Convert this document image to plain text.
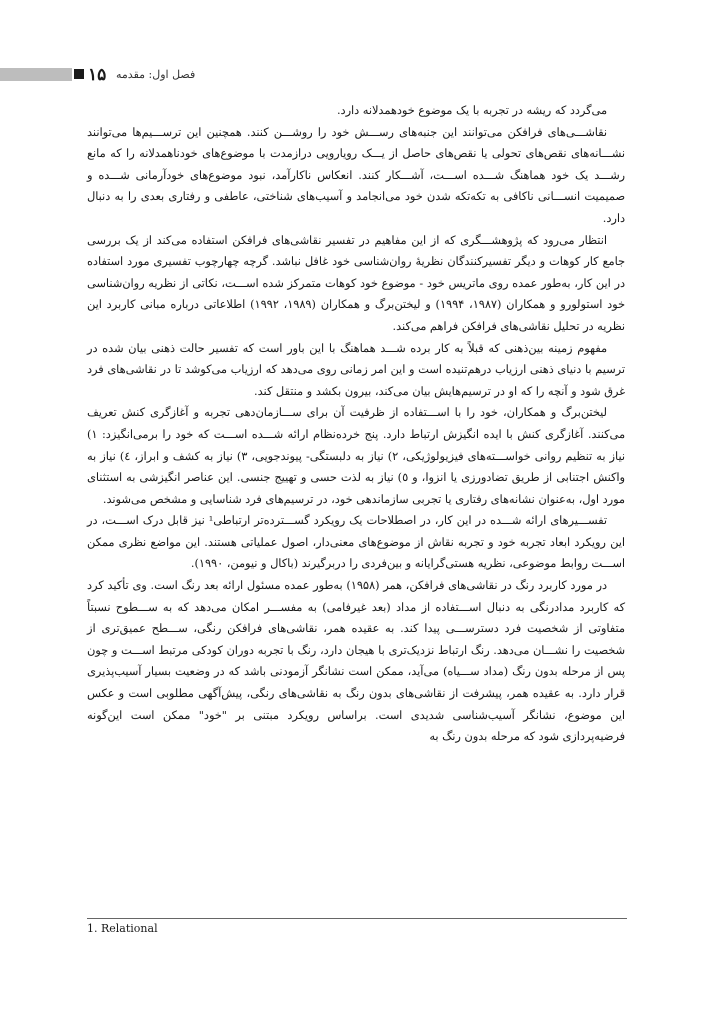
۱۵ فصل اول: مقدمه

می‌گردد که ریشه در تجربه با یک موضوع خودهمدلانه دارد.

نقاشـــی‌های فرافکن می‌توانند این جنبه‌های رســـش خود را روشـــن کنند. همچنین این ترســـیم‌ها می‌توانند نشـــانه‌های نقص‌های تحولی یا نقص‌های حاصل از یـــک رویارویی درازمدت با موضوع‌های خودناهمدلانه را که مانع رشـــد یک خود هماهنگ شـــده اســـت، آشـــکار کنند. انعکاس ناکارآمد، نبود موضوع‌های خودآرمانی شـــده و صمیمیت انســـانی ناکافی به تکه‌تکه شدن خود می‌انجامد و آسیب‌های شناختی، عاطفی و رفتاری بعدی را به دنبال دارد.

انتظار می‌رود که پژوهشـــگری که از این مفاهیم در تفسیر نقاشی‌های فرافکن استفاده می‌کند از یک بررسی جامع کار کوهات و دیگر تفسیرکنندگان نظریهٔ روان‌شناسی خود غافل نباشد. گرچه چهارچوب تفسیری مورد استفاده در این کار، به‌طور عمده روی ماتریس خود - موضوع خود کوهات متمرکز شده اســـت، نکاتی از نظریه روان‌شناسی خود استولورو و همکاران (۱۹۸۷، ۱۹۹۴) و لیختن‌برگ و همکاران (۱۹۸۹، ۱۹۹۲) اطلاعاتی درباره مبانی کاربرد این نظریه در تحلیل نقاشی‌های فرافکن فراهم می‌کند.

مفهوم زمینه بین‌ذهنی که قبلاً به کار برده شـــد هماهنگ با این باور است که تفسیر حالت ذهنی بیان شده در ترسیم با دنیای ذهنی ارزیاب درهم‌تنیده است و این امر زمانی روی می‌دهد که ارزیاب می‌کوشد تا در نقاشی‌های فرد غرق شود و آنچه را که او در ترسیم‌هایش بیان می‌کند، بیرون بکشد و منتقل کند.

لیختن‌برگ و همکاران، خود را با اســـتفاده از ظرفیت آن برای ســـازمان‌دهی تجربه و آغازگری کنش تعریف می‌کنند. آغازگری کنش با ایده انگیزش ارتباط دارد. پنج خرده‌نظام ارائه شـــده اســـت که خود را برمی‌انگیزد: ۱) نیاز به تنظیم روانی خواســـته‌های فیزیولوژیکی، ۲) نیاز به دلبستگی- پیوندجویی، ۳) نیاز به کشف و ابراز، ٤) نیاز به واکنش اجتنابی از طریق تضادورزی یا انزوا، و ٥) نیاز به لذت حسی و تهییج جنسی. این عناصر انگیزشی به استثنای مورد اول، به‌عنوان نشانه‌های رفتاری یا تجربی سازماندهی خود، در ترسیم‌های فرد شناسایی و مشخص می‌شوند.

تفســـیرهای ارائه شـــده در این کار، در اصطلاحات یک رویکرد گســـترده‌تر ارتباطی¹ نیز قابل درک اســـت، در این رویکرد ابعاد تجربه خود و تجربه نقاش از موضوع‌های معنی‌دار، اصول عملیاتی هستند. این مواضع نظری ممکن اســـت روابط موضوعی، نظریه هستی‌گرایانه و بین‌فردی را دربرگیرند (باکال و نیومن، ۱۹۹۰).

در مورد کاربرد رنگ در نقاشی‌های فرافکن، همر (۱۹۵۸) به‌طور عمده مسئول ارائه بعد رنگ است. وی تأکید کرد که کاربرد مدادرنگی به دنبال اســـتفاده از مداد (بعد غیرفامی) به مفســـر امکان می‌دهد که به ســـطوح نسبتاً متفاوتی از شخصیت فرد دسترســـی پیدا کند. به عقیده همر، نقاشی‌های فرافکن رنگی، ســـطح عمیق‌تری از شخصیت را نشـــان می‌دهد. رنگ ارتباط نزدیک‌تری با هیجان دارد، رنگ با تجربه دوران کودکی مرتبط اســـت و چون پس از مرحله بدون رنگ (مداد ســـیاه) می‌آید، ممکن است نشانگر آزمودنی باشد که در وضعیت بسیار آسیب‌پذیری قرار دارد. به عقیده همر، پیشرفت از نقاشی‌های بدون رنگ به نقاشی‌های رنگی، پیش‌آگهی مطلوبی است و عکس این موضوع، نشانگر آسیب‌شناسی شدیدی است. براساس رویکرد مبتنی بر "خود" ممکن است این‌گونه فرضیه‌پردازی شود که مرحله بدون رنگ به

1. Relational
